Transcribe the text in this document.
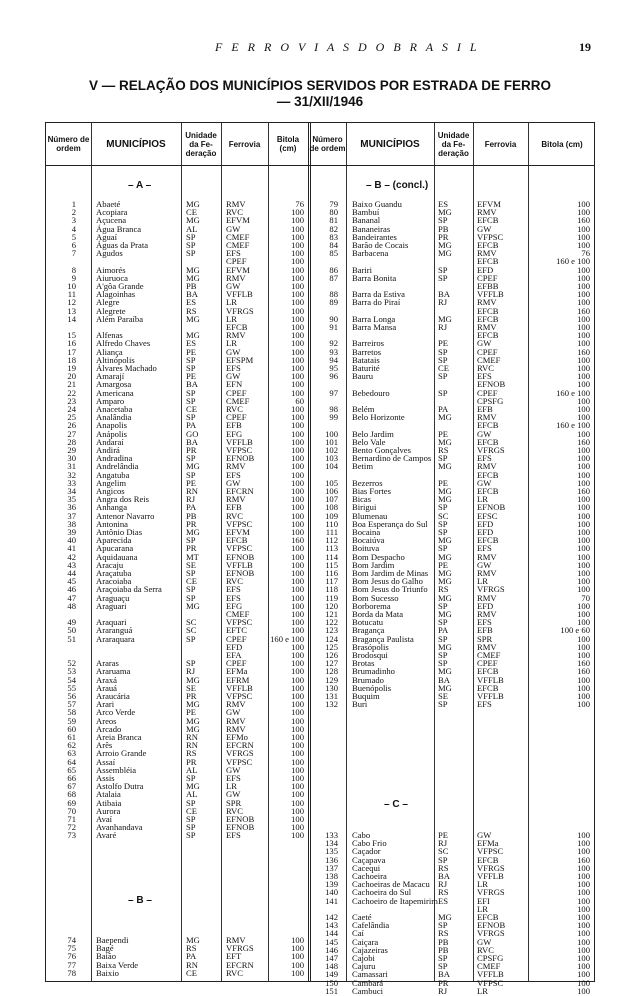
F E R R O V I A S D O B R A S I L	19
V — RELAÇÃO DOS MUNICÍPIOS SERVIDOS POR ESTRADA DE FERRO
— 31/XII/1946
Número de ordem	MUNICÍPIOS
Unidade da Fe- deração
Ferrovia	Bitola (cm)
Número de ordem	MUNICÍPIOS
Unidade da Fe- deração
Ferrovia	Bitola (cm)
– A –	– B – (concl.)
– B –
– C –
1 Abaeté	MG	RMV	76
2 Acopiara	CE	RVC	100
3 Açucena	MG	EFVM	100
4 Água Branca	AL	GW	100
5 Aguaí	SP	CMEF	100
6 Águas da Prata	SP	CMEF	100
7 Agudos	SP	EFS	100
CPEF	100
8 Aimorés	MG	EFVM	100
9 Aiuruoca	MG	RMV	100
10 A'gôa Grande	PB	GW	100
11 Alagoinhas	BA	VFFLB	100
12 Alegre	ES	LR	100
13 Alegrete	RS	VFRGS	100
14 Além Paraíba	MG	LR	100
EFCB	100
15 Alfenas	MG	RMV	100
16 Alfredo Chaves	ES	LR	100
17 Aliança	PE	GW	100
18 Altinópolis	SP	EFSPM	100
19 Álvares Machado	SP	EFS	100
20 Amarají	PE	GW	100
21 Amargosa	BA	EFN	100
22 Americana	SP	CPEF	100
23 Amparo	SP	CMEF	60
24 Anacetaba	CE	RVC	100
25 Analândia	SP	CPEF	100
26 Anapolis	PA	EFB	100
27 Anápolis	GO	EFG	100
28 Andaraí	BA	VFFLB	100
29 Andirá	PR	VFPSC	100
30 Andradina	SP	EFNOB	100
31 Andrelândia	MG	RMV	100
32 Angatuba	SP	EFS	100
33 Angelim	PE	GW	100
34 Angicos	RN	EFCRN	100
35 Angra dos Reis	RJ	RMV	100
36 Anhanga	PA	EFB	100
37 Antenor Navarro	PB	RVC	100
38 Antonina	PR	VFPSC	100
39 Antônio Dias	MG	EFVM	100
40 Aparecida	SP	EFCB	160
41 Apucarana	PR	VFPSC	100
42 Aquidauana	MT	EFNOB	100
43 Aracaju	SE	VFFLB	100
44 Araçatuba	SP	EFNOB	100
45 Aracoiaba	CE	RVC	100
46 Araçoiaba da Serra	SP	EFS	100
47 Araguaçu	SP	EFS	100
48 Araguari	MG	EFG	100
CMEF	100
49 Araquari	SC	VFPSC	100
50 Araranguá	SC	EFTC	100
51 Araraquara	SP	CPEF	160 e 100
EFD	100
EFA	100
52 Araras	SP	CPEF	100
53 Araruama	RJ	EFMa	100
54 Araxá	MG	EFRM	100
55 Arauá	SE	VFFLB	100
56 Araucária	PR	VFPSC	100
57 Arari	MG	RMV	100
58 Arco Verde	PE	GW	100
59 Areos	MG	RMV	100
60 Arcado	MG	RMV	100
61 Areia Branca	RN	EFMo	100
62 Arês	RN	EFCRN	100
63 Arroio Grande	RS	VFRGS	100
64 Assaí	PR	VFPSC	100
65 Assembléia	AL	GW	100
66 Assis	SP	EFS	100
67 Astolfo Dutra	MG	LR	100
68 Atalaia	AL	GW	100
69 Atibaia	SP	SPR	100
70 Aurora	CE	RVC	100
71 Avaí	SP	EFNOB	100
72 Avanhandava	SP	EFNOB	100
73 Avaré	SP	EFS	100
74 Baependi	MG	RMV	100
75 Bagé	RS	VFRGS	100
76 Baião	PA	EFT	100
77 Baixa Verde	RN	EFCRN	100
78 Baixio	CE	RVC	100
79 Baixo Guandu	ES	EFVM	100
80 Bambuí	MG	RMV	100
81 Bananal	SP	EFCB	160
82 Bananeiras	PB	GW	100
83 Bandeirantes	PR	VFPSC	100
84 Barão de Cocais	MG	EFCB	100
85 Barbacena	MG	RMV	76
EFCB	160 e 100
86 Bariri	SP	EFD	100
87 Barra Bonita	SP	CPEF	100
EFBB	100
88 Barra da Estiva	BA	VFFLB	100
89 Barra do Piraí	RJ	RMV	100
EFCB	160
90 Barra Longa	MG	EFCB	100
91 Barra Mansa	RJ	RMV	100
EFCB	100
92 Barreiros	PE	GW	100
93 Barretos	SP	CPEF	160
94 Batatais	SP	CMEF	100
95 Baturité	CE	RVC	100
96 Bauru	SP	EFS	100
EFNOB	100
97 Bebedouro	SP	CPEF	160 e 100
CPSFG	100
98 Belém	PA	EFB	100
99 Belo Horizonte	MG	RMV	100
EFCB	160 e 100
100 Belo Jardim	PE	GW	100
101 Belo Vale	MG	EFCB	160
102 Bento Gonçalves	RS	VFRGS	100
103 Bernardino de Campos SP	EFS	100
104 Betim	MG	RMV	100
EFCB	100
105 Bezerros	PE	GW	100
106 Bias Fortes	MG	EFCB	160
107 Bicas	MG	LR	100
108 Birigui	SP	EFNOB	100
109 Blumenau	SC	EFSC	100
110 Boa Esperança do Sul SP	EFD	100
111 Bocaina	SP	EFD	100
112 Bocaiúva	MG	EFCB	100
113 Boituva	SP	EFS	100
114 Bom Despacho	MG	RMV	100
115 Bom Jardim	PE	GW	100
116 Bom Jardim de Minas MG	RMV	100
117 Bom Jesus do Galho MG	LR	100
118 Bom Jesus do Triunfo RS	VFRGS	100
119 Bom Sucesso	MG	RMV	70
120 Borborema	SP	EFD	100
121 Borda da Mata	MG	RMV	100
122 Botucatu	SP	EFS	100
123 Bragança	PA	EFB	100 e 60
124 Bragança Paulista	SP	SPR	100
125 Brasópolis	MG	RMV	100
126 Brodosqui	SP	CMEF	100
127 Brotas	SP	CPEF	160
128 Brumadinho	MG	EFCB	160
129 Brumado	BA	VFFLB	100
130 Buenópolis	MG	EFCB	100
131 Buquim	SE	VFFLB	100
132 Buri	SP	EFS	100
133 Cabo	PE	GW	100
134 Cabo Frio	RJ	EFMa	100
135 Caçador	SC	VFPSC	100
136 Caçapava	SP	EFCB	160
137 Cacequi	RS	VFRGS	100
138 Cachoeira	BA	VFFLB	100
139 Cachoeiras de Macacu RJ	LR	100
140 Cachoeira do Sul	RS	VFRGS	100
141 Cachoeiro de Itapemirim ES	EFI	100
LR	100
142 Caeté	MG	EFCB	100
143 Cafelândia	SP	EFNOB	100
144 Caí	RS	VFRGS	100
145 Caiçara	PB	GW	100
146 Cajazeiras	PB	RVC	100
147 Cajobi	SP	CPSFG	100
148 Cajuru	SP	CMEF	100
149 Camassari	BA	VFFLB	100
150 Cambará	PR	VFPSC	100
151 Cambuci	RJ	LR	100
